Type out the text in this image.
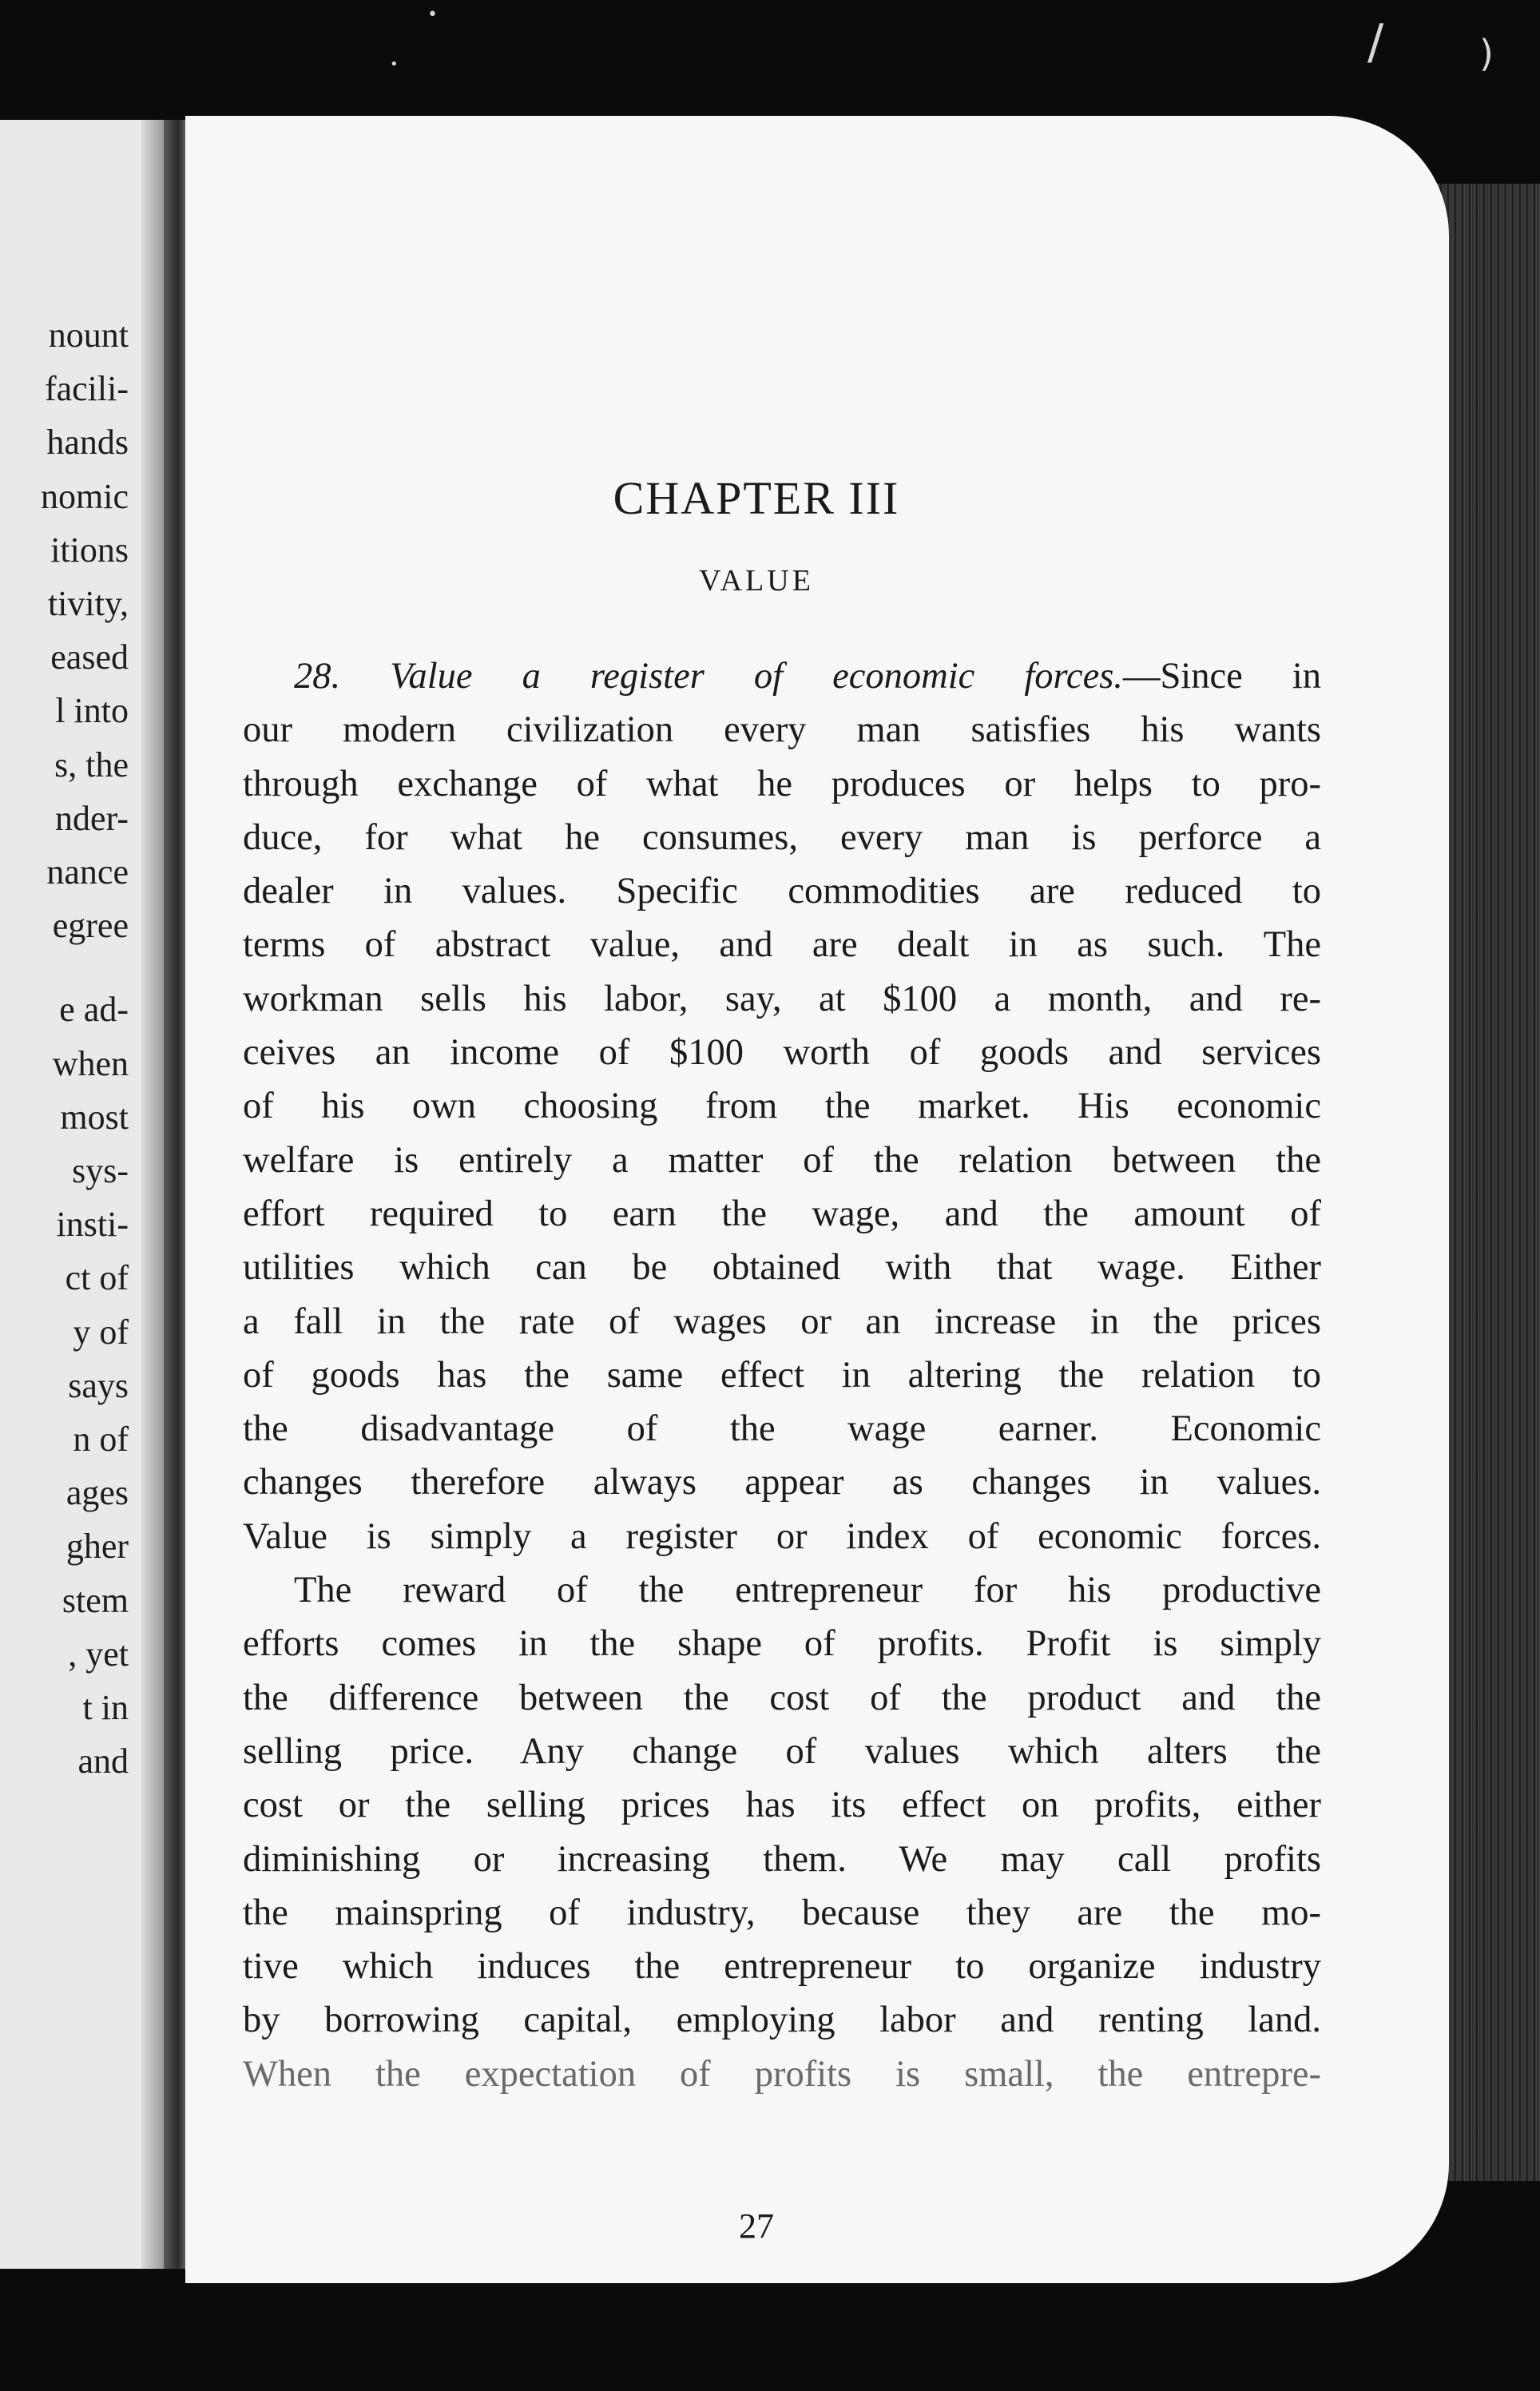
nount
facili-
hands
nomic
itions
tivity,
eased
l into
s, the
nder-
nance
egree
e ad-
when
most
sys-
insti-
ct of
y of
says
n of
ages
gher
stem
, yet
t in
and
CHAPTER III
VALUE
28. Value a register of economic forces.—Since in
our modern civilization every man satisfies his wants
through exchange of what he produces or helps to pro-
duce, for what he consumes, every man is perforce a
dealer in values. Specific commodities are reduced to
terms of abstract value, and are dealt in as such. The
workman sells his labor, say, at $100 a month, and re-
ceives an income of $100 worth of goods and services
of his own choosing from the market. His economic
welfare is entirely a matter of the relation between the
effort required to earn the wage, and the amount of
utilities which can be obtained with that wage. Either
a fall in the rate of wages or an increase in the prices
of goods has the same effect in altering the relation to
the disadvantage of the wage earner. Economic
changes therefore always appear as changes in values.
Value is simply a register or index of economic forces.
The reward of the entrepreneur for his productive
efforts comes in the shape of profits. Profit is simply
the difference between the cost of the product and the
selling price. Any change of values which alters the
cost or the selling prices has its effect on profits, either
diminishing or increasing them. We may call profits
the mainspring of industry, because they are the mo-
tive which induces the entrepreneur to organize industry
by borrowing capital, employing labor and renting land.
When the expectation of profits is small, the entrepre-
27
/	)
•
•
